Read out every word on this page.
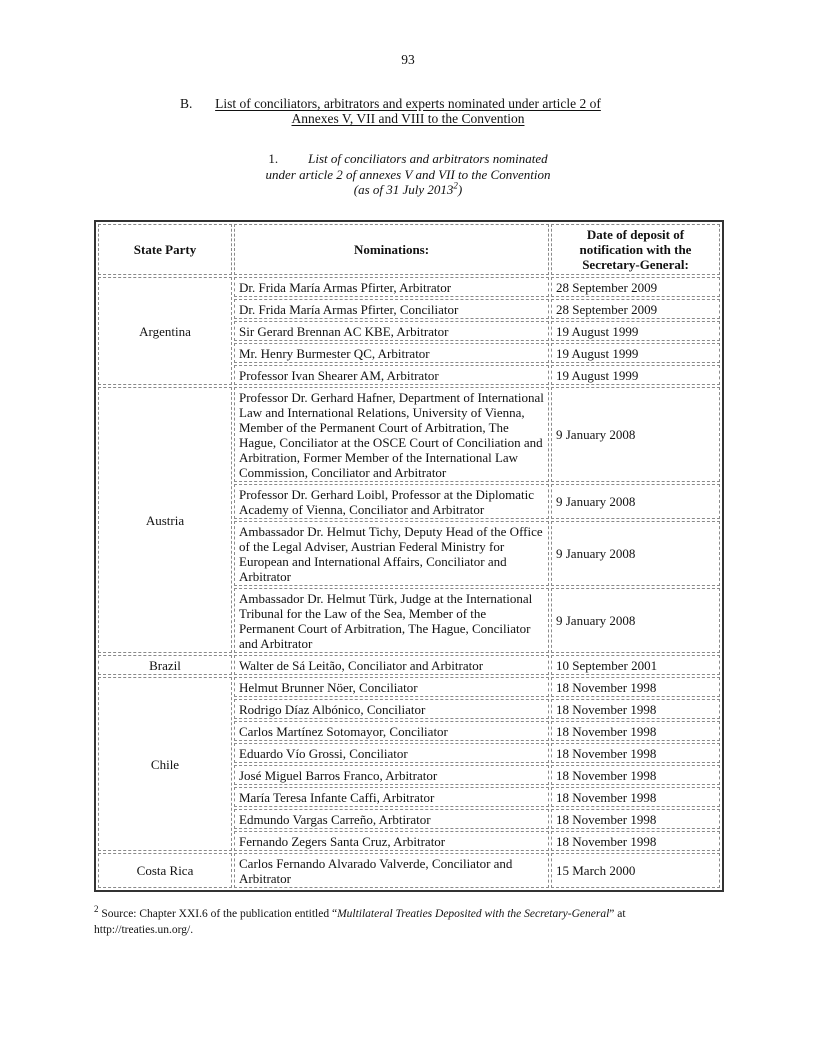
93
B. List of conciliators, arbitrators and experts nominated under article 2 of
Annexes V, VII and VIII to the Convention
1. List of conciliators and arbitrators nominated
under article 2 of annexes V and VII to the Convention
(as of 31 July 2013$^2$)
State Party	Nominations:	Date of deposit of notification with the Secretary-General:
Argentina	Dr. Frida María Armas Pfirter, Arbitrator	28 September 2009
	Dr. Frida María Armas Pfirter, Conciliator	28 September 2009
	Sir Gerard Brennan AC KBE, Arbitrator	19 August 1999
	Mr. Henry Burmester QC, Arbitrator	19 August 1999
	Professor Ivan Shearer AM, Arbitrator	19 August 1999
Austria	Professor Dr. Gerhard Hafner, Department of International Law and International Relations, University of Vienna, Member of the Permanent Court of Arbitration, The Hague, Conciliator at the OSCE Court of Conciliation and Arbitration, Former Member of the International Law Commission, Conciliator and Arbitrator	9 January 2008
	Professor Dr. Gerhard Loibl, Professor at the Diplomatic Academy of Vienna, Conciliator and Arbitrator	9 January 2008
	Ambassador Dr. Helmut Tichy, Deputy Head of the Office of the Legal Adviser, Austrian Federal Ministry for European and International Affairs, Conciliator and Arbitrator	9 January 2008
	Ambassador Dr. Helmut Türk, Judge at the International Tribunal for the Law of the Sea, Member of the Permanent Court of Arbitration, The Hague, Conciliator and Arbitrator	9 January 2008
Brazil	Walter de Sá Leitão, Conciliator and Arbitrator	10 September 2001
Chile	Helmut Brunner Nöer, Conciliator	18 November 1998
	Rodrigo Díaz Albónico, Conciliator	18 November 1998
	Carlos Martínez Sotomayor, Conciliator	18 November 1998
	Eduardo Vío Grossi, Conciliator	18 November 1998
	José Miguel Barros Franco, Arbitrator	18 November 1998
	María Teresa Infante Caffi, Arbitrator	18 November 1998
	Edmundo Vargas Carreño, Arbtirator	18 November 1998
	Fernando Zegers Santa Cruz, Arbitrator	18 November 1998
Costa Rica	Carlos Fernando Alvarado Valverde, Conciliator and Arbitrator	15 March 2000
$^2$ Source: Chapter XXI.6 of the publication entitled “Multilateral Treaties Deposited with the Secretary-General” at
http://treaties.un.org/.
